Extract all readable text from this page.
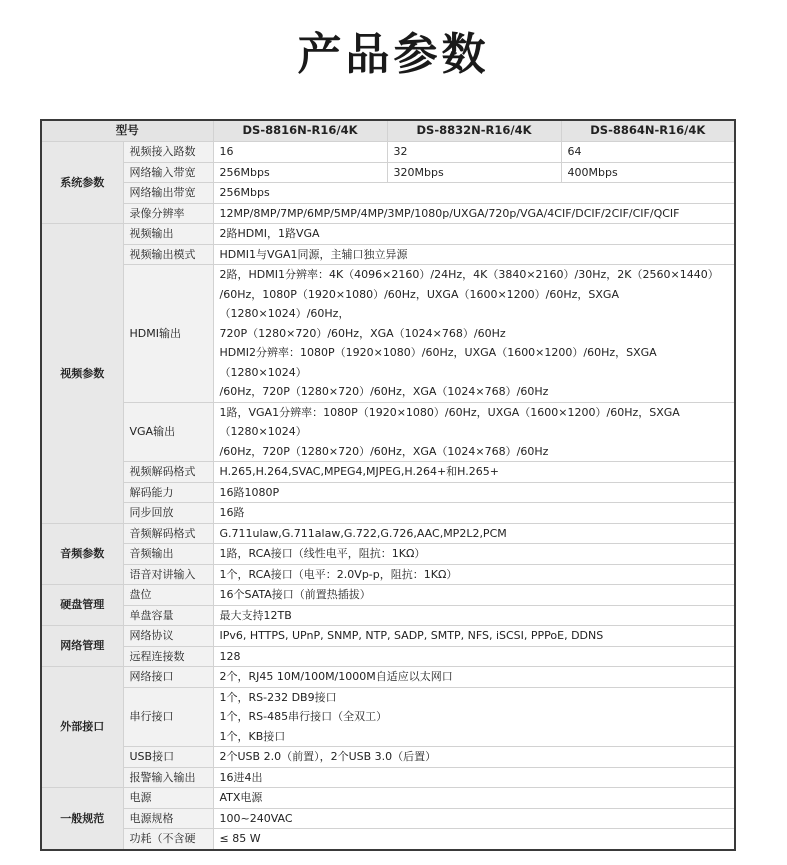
产品参数
型号		DS-8816N-R16/4K	DS-8832N-R16/4K	DS-8864N-R16/4K
系统参数	视频接入路数	16	32	64
	网络输入带宽	256Mbps	320Mbps	400Mbps
	网络输出带宽	256Mbps		
	录像分辨率	12MP/8MP/7MP/6MP/5MP/4MP/3MP/1080p/UXGA/720p/VGA/4CIF/DCIF/2CIF/CIF/QCIF		
视频参数	视频输出	2路HDMI，1路VGA		
	视频输出模式	HDMI1与VGA1同源，主辅口独立异源		
	HDMI输出	2路，HDMI1分辨率：4K（4096×2160）/24Hz，4K（3840×2160）/30Hz，2K（2560×1440）
/60Hz，1080P（1920×1080）/60Hz，UXGA（1600×1200）/60Hz，SXGA（1280×1024）/60Hz，
720P（1280×720）/60Hz，XGA（1024×768）/60Hz
HDMI2分辨率：1080P（1920×1080）/60Hz，UXGA（1600×1200）/60Hz，SXGA（1280×1024）
/60Hz，720P（1280×720）/60Hz，XGA（1024×768）/60Hz		

	VGA输出	1路，VGA1分辨率：1080P（1920×1080）/60Hz，UXGA（1600×1200）/60Hz，SXGA（1280×1024）
/60Hz，720P（1280×720）/60Hz，XGA（1024×768）/60Hz		

	视频解码格式	H.265,H.264,SVAC,MPEG4,MJPEG,H.264+和H.265+		
	解码能力	16路1080P		
	同步回放	16路		
音频参数	音频解码格式	G.711ulaw,G.711alaw,G.722,G.726,AAC,MP2L2,PCM		
	音频输出	1路，RCA接口（线性电平，阻抗：1KΩ）		
	语音对讲输入	1个，RCA接口（电平：2.0Vp-p，阻抗：1KΩ）		
硬盘管理	盘位	16个SATA接口（前置热插拔）		
	单盘容量	最大支持12TB		
网络管理	网络协议	IPv6, HTTPS, UPnP, SNMP, NTP, SADP, SMTP, NFS, iSCSI, PPPoE, DDNS		
	远程连接数	128		
外部接口	网络接口	2个，RJ45 10M/100M/1000M自适应以太网口		
	串行接口	1个，RS-232 DB9接口
1个，RS-485串行接口（全双工）
1个，KB接口		

	USB接口	2个USB 2.0（前置），2个USB 3.0（后置）		
	报警输入输出	16进4出		
一般规范	电源	ATX电源		
	电源规格	100~240VAC		
	功耗（不含硬	≤ 85 W		
